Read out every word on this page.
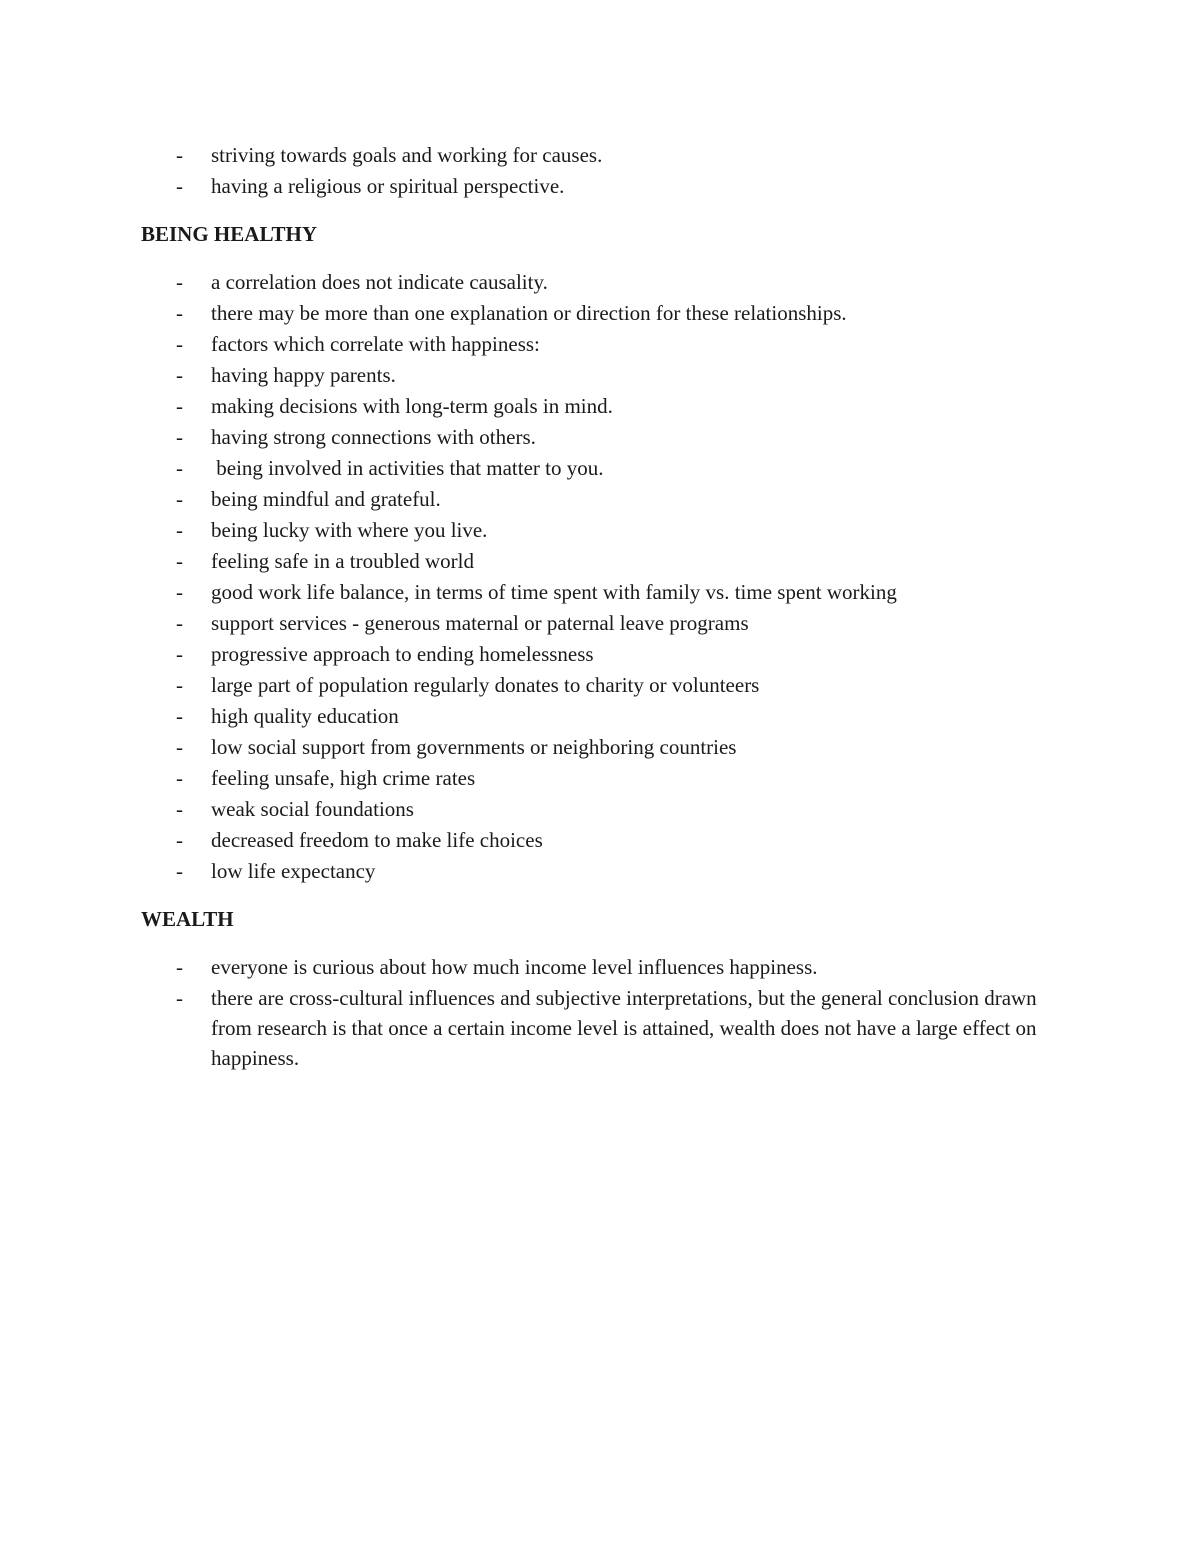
- striving towards goals and working for causes.
- having a religious or spiritual perspective.
BEING HEALTHY
- a correlation does not indicate causality.
- there may be more than one explanation or direction for these relationships.
- factors which correlate with happiness:
- having happy parents.
- making decisions with long-term goals in mind.
- having strong connections with others.
- being involved in activities that matter to you.
- being mindful and grateful.
- being lucky with where you live.
- feeling safe in a troubled world
- good work life balance, in terms of time spent with family vs. time spent working
- support services - generous maternal or paternal leave programs
- progressive approach to ending homelessness
- large part of population regularly donates to charity or volunteers
- high quality education
- low social support from governments or neighboring countries
- feeling unsafe, high crime rates
- weak social foundations
- decreased freedom to make life choices
- low life expectancy
WEALTH
- everyone is curious about how much income level influences happiness.
- there are cross-cultural influences and subjective interpretations, but the general conclusion drawn from research is that once a certain income level is attained, wealth does not have a large effect on happiness.
